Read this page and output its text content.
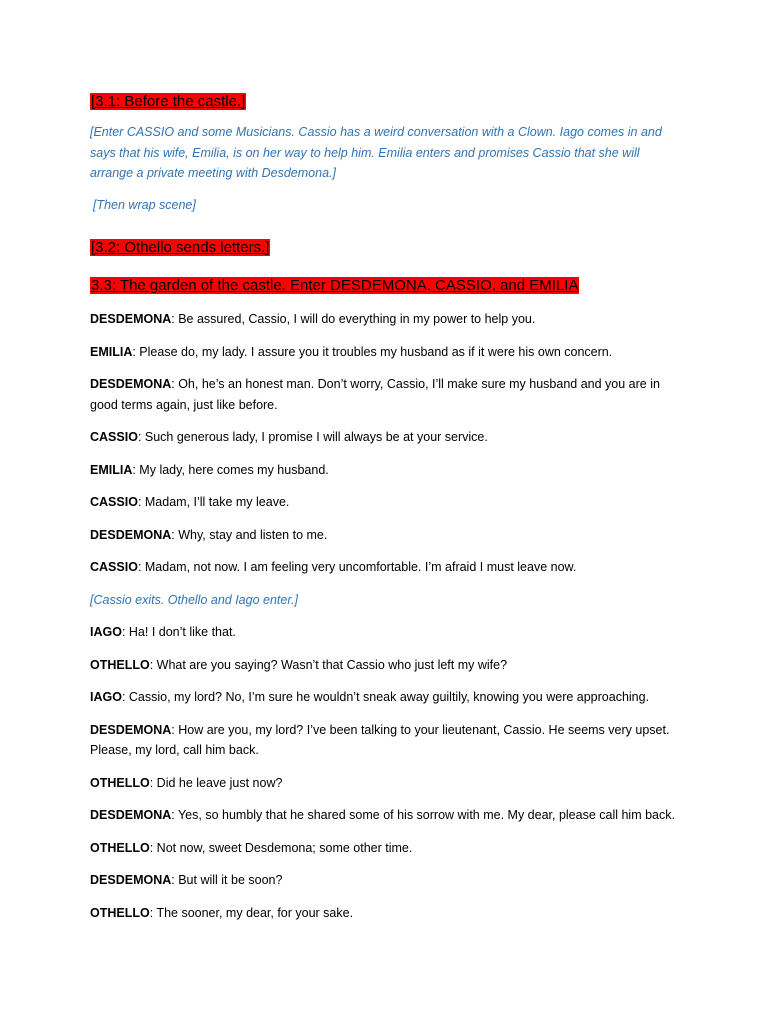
[3.1: Before the castle.]

[Enter CASSIO and some Musicians. Cassio has a weird conversation with a Clown. Iago comes in and says that his wife, Emilia, is on her way to help him. Emilia enters and promises Cassio that she will arrange a private meeting with Desdemona.]

[Then wrap scene]

[3.2: Othello sends letters.]

3.3: The garden of the castle. Enter DESDEMONA, CASSIO, and EMILIA

DESDEMONA: Be assured, Cassio, I will do everything in my power to help you.

EMILIA: Please do, my lady. I assure you it troubles my husband as if it were his own concern.

DESDEMONA: Oh, he’s an honest man. Don’t worry, Cassio, I’ll make sure my husband and you are in good terms again, just like before.

CASSIO: Such generous lady, I promise I will always be at your service.

EMILIA: My lady, here comes my husband.

CASSIO: Madam, I’ll take my leave.

DESDEMONA: Why, stay and listen to me.

CASSIO: Madam, not now. I am feeling very uncomfortable. I’m afraid I must leave now.

[Cassio exits. Othello and Iago enter.]

IAGO: Ha! I don’t like that.

OTHELLO: What are you saying? Wasn’t that Cassio who just left my wife?

IAGO: Cassio, my lord? No, I’m sure he wouldn’t sneak away guiltily, knowing you were approaching.

DESDEMONA: How are you, my lord? I’ve been talking to your lieutenant, Cassio. He seems very upset. Please, my lord, call him back.

OTHELLO: Did he leave just now?

DESDEMONA: Yes, so humbly that he shared some of his sorrow with me. My dear, please call him back.

OTHELLO: Not now, sweet Desdemona; some other time.

DESDEMONA: But will it be soon?

OTHELLO: The sooner, my dear, for your sake.
